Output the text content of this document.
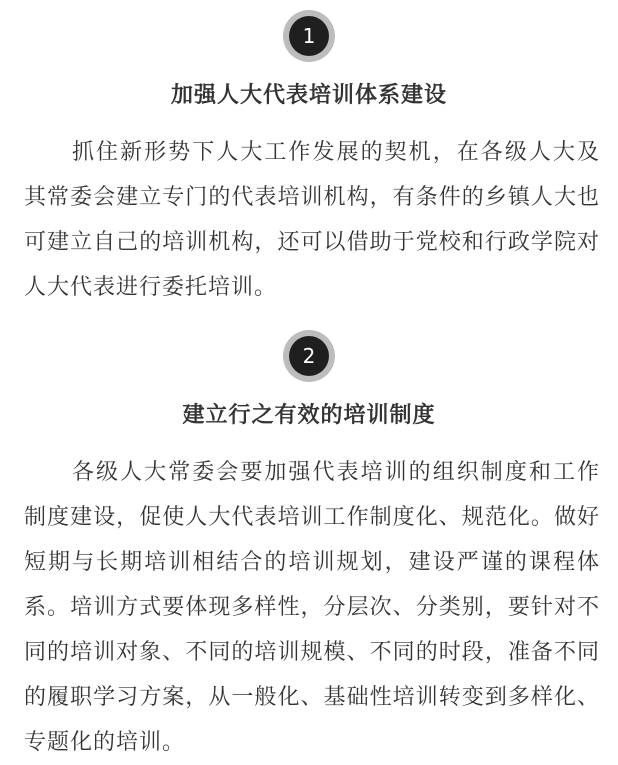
1
加强人大代表培训体系建设

抓住新形势下人大工作发展的契机，在各级人大及其常委会建立专门的代表培训机构，有条件的乡镇人大也可建立自己的培训机构，还可以借助于党校和行政学院对人大代表进行委托培训。

2
建立行之有效的培训制度

各级人大常委会要加强代表培训的组织制度和工作制度建设，促使人大代表培训工作制度化、规范化。做好短期与长期培训相结合的培训规划，建设严谨的课程体系。培训方式要体现多样性，分层次、分类别，要针对不同的培训对象、不同的培训规模、不同的时段，准备不同的履职学习方案，从一般化、基础性培训转变到多样化、专题化的培训。
